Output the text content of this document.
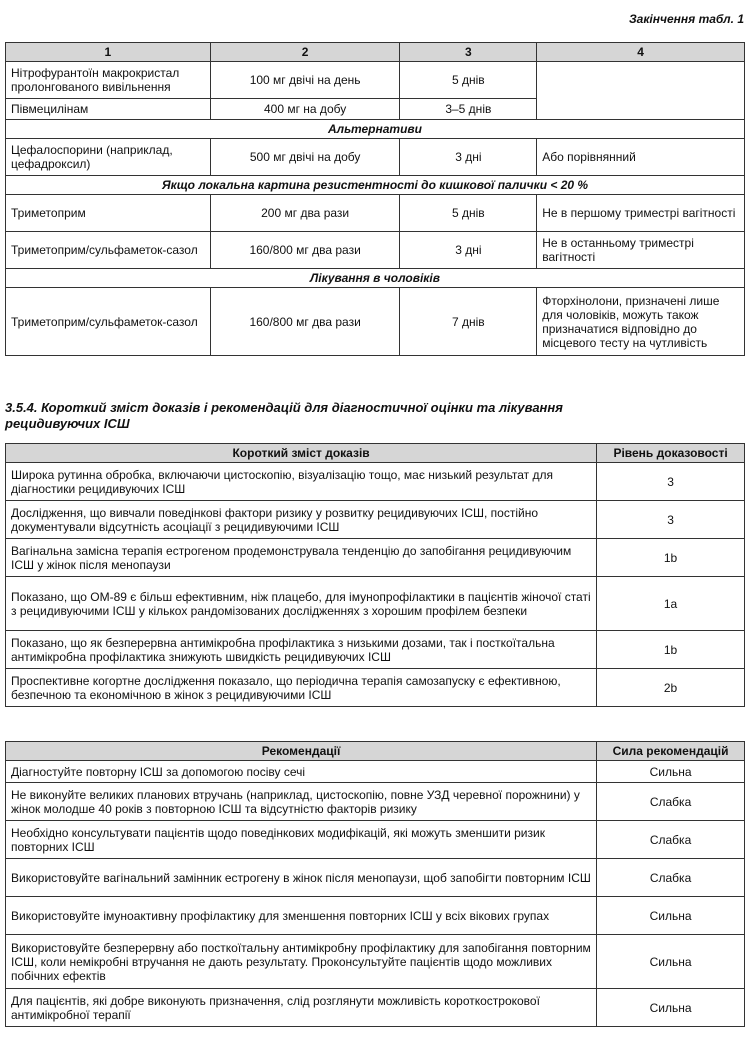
Закінчення табл. 1
1	2	3	4
Нітрофурантоїн макрокристал пролонгованого вивільнення	100 мг двічі на день	5 днів	
Півмецилінам	400 мг на добу	3–5 днів	
Альтернативи			
Цефалоспорини (наприклад, цефадроксил)	500 мг двічі на добу	3 дні	Або порівнянний
Якщо локальна картина резистентності до кишкової палички < 20 %			
Триметоприм	200 мг два рази	5 днів	Не в першому триместрі вагітності
Триметоприм/сульфаметок-сазол	160/800 мг два рази	3 дні	Не в останньому триместрі вагітності
Лікування в чоловіків			
Триметоприм/сульфаметок-сазол	160/800 мг два рази	7 днів	Фторхінолони, призначені лише для чоловіків, можуть також призначатися відповідно до місцевого тесту на чутливість
3.5.4. Короткий зміст доказів і рекомендацій для діагностичної оцінки та лікування
рецидивуючих ІСШ
Короткий зміст доказів	Рівень доказовості
Широка рутинна обробка, включаючи цистоскопію, візуалізацію тощо, має низький результат для діагностики рецидивуючих ІСШ	3
Дослідження, що вивчали поведінкові фактори ризику у розвитку рецидивуючих ІСШ, постійно документували відсутність асоціації з рецидивуючими ІСШ	3
Вагінальна замісна терапія естрогеном продемонструвала тенденцію до запобігання рецидивуючим ІСШ у жінок після менопаузи	1b
Показано, що ОМ-89 є більш ефективним, ніж плацебо, для імунопрофілактики в пацієнтів жіночої статі з рецидивуючими ІСШ у кількох рандомізованих дослідженнях з хорошим профілем безпеки	1a
Показано, що як безперервна антимікробна профілактика з низькими дозами, так і посткоїтальна антимікробна профілактика знижують швидкість рецидивуючих ІСШ	1b
Проспективне когортне дослідження показало, що періодична терапія самозапуску є ефективною, безпечною та економічною в жінок з рецидивуючими ІСШ	2b
Рекомендації	Сила рекомендацій
Діагностуйте повторну ІСШ за допомогою посіву сечі	Сильна
Не виконуйте великих планових втручань (наприклад, цистоскопію, повне УЗД черевної порожнини) у жінок молодше 40 років з повторною ІСШ та відсутністю факторів ризику	Слабка
Необхідно консультувати пацієнтів щодо поведінкових модифікацій, які можуть зменшити ризик повторних ІСШ	Слабка
Використовуйте вагінальний замінник естрогену в жінок після менопаузи, щоб запобігти повторним ІСШ	Слабка
Використовуйте імуноактивну профілактику для зменшення повторних ІСШ у всіх вікових групах	Сильна
Використовуйте безперервну або посткоїтальну антимікробну профілактику для запобігання повторним ІСШ, коли немікробні втручання не дають результату. Проконсультуйте пацієнтів щодо можливих побічних ефектів	Сильна
Для пацієнтів, які добре виконують призначення, слід розглянути можливість короткострокової антимікробної терапії	Сильна
